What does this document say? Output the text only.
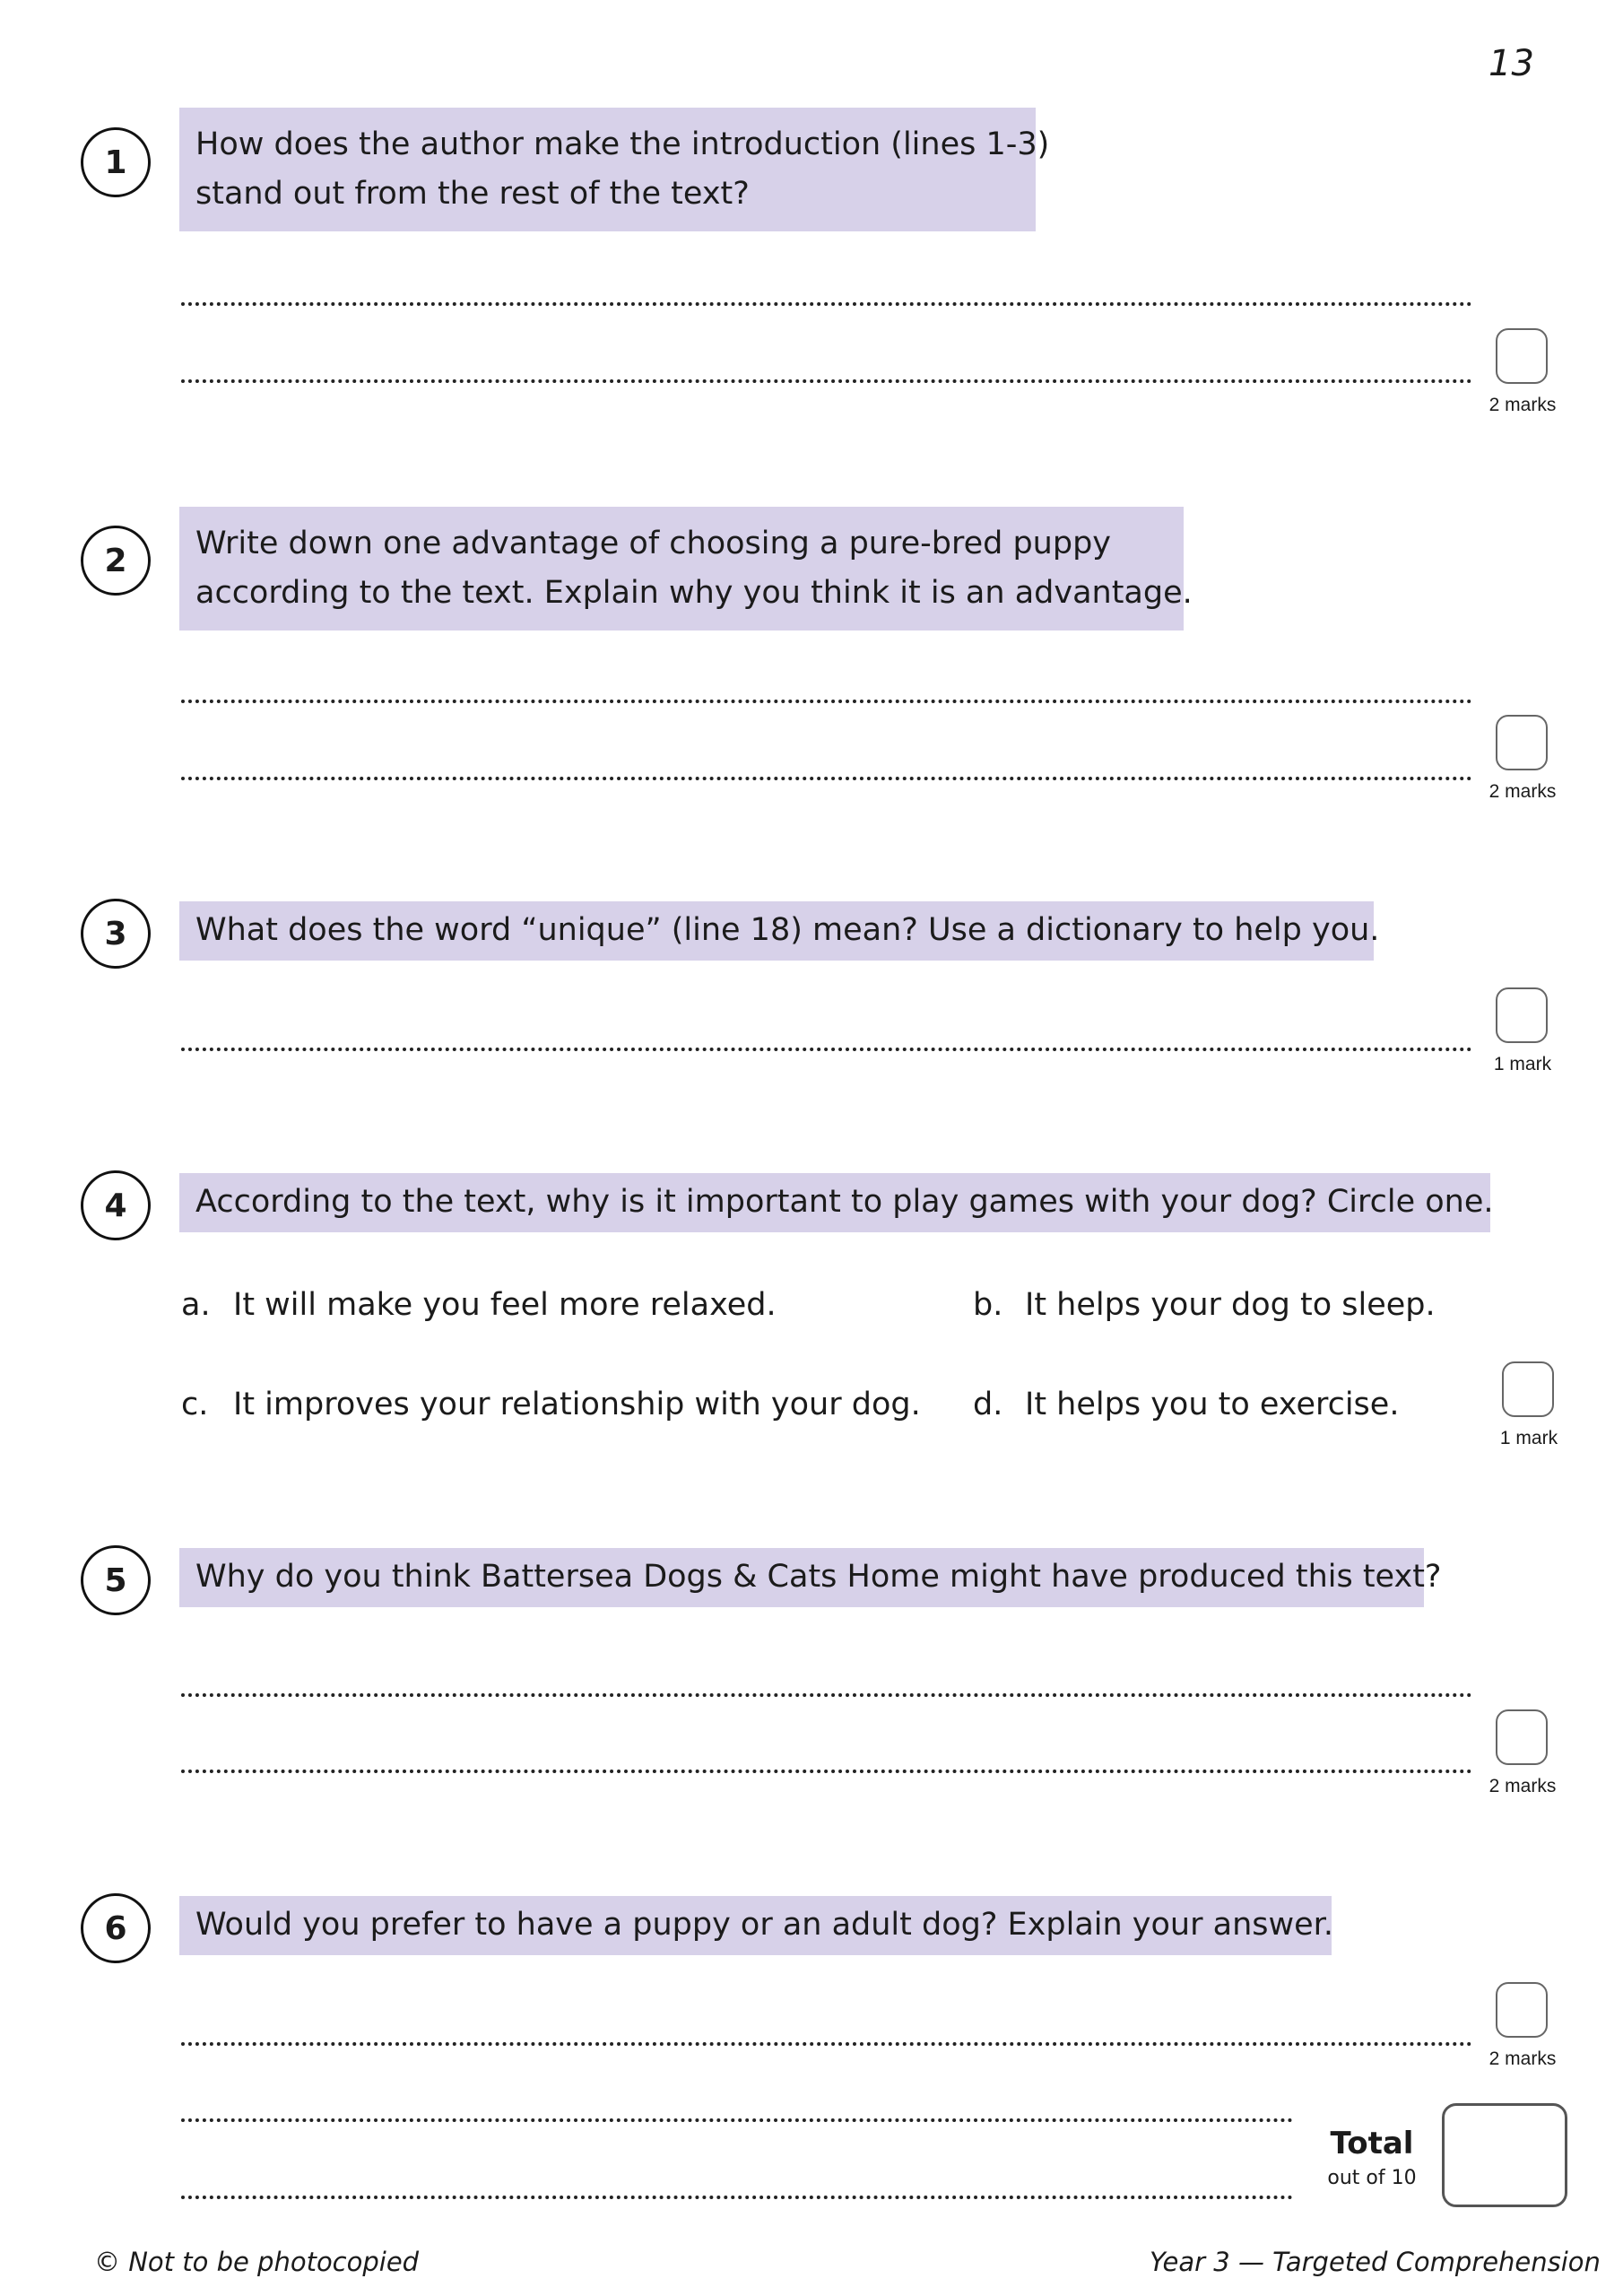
13
1	How does the author make the introduction (lines 1-3)
stand out from the rest of the text?
2 marks
2	Write down one advantage of choosing a pure-bred puppy
according to the text. Explain why you think it is an advantage.
2 marks
3	What does the word “unique” (line 18) mean? Use a dictionary to help you.
1 mark
4	According to the text, why is it important to play games with your dog? Circle one.
a. It will make you feel more relaxed.	b. It helps your dog to sleep.
c. It improves your relationship with your dog. d. It helps you to exercise.
1 mark
5	Why do you think Battersea Dogs & Cats Home might have produced this text?
2 marks
6	Would you prefer to have a puppy or an adult dog? Explain your answer.
2 marks
Total
out of 10
© Not to be photocopied	Year 3 — Targeted Comprehension
